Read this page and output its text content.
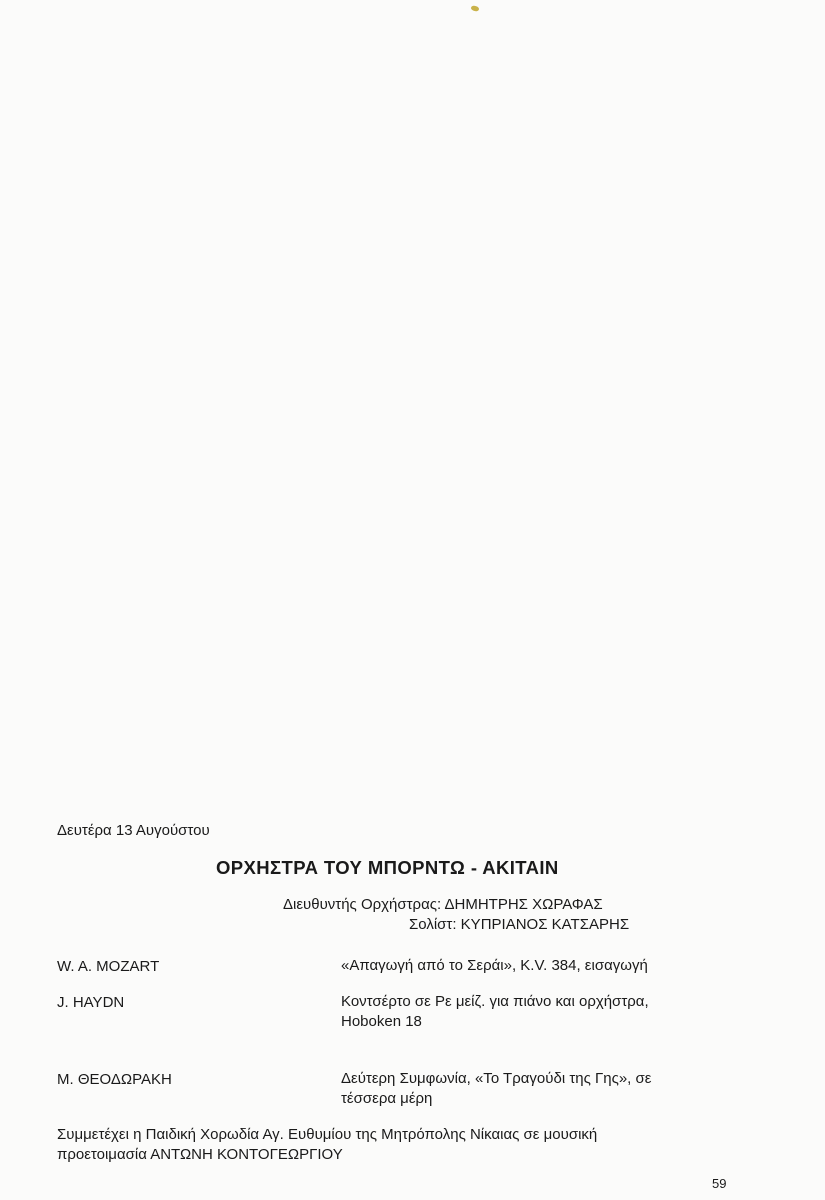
Δευτέρα 13 Αυγούστου
ΟΡΧΗΣΤΡΑ ΤΟΥ ΜΠΟΡΝΤΩ - ΑΚΙΤΑΙΝ
Διευθυντής Ορχήστρας: ΔΗΜΗΤΡΗΣ ΧΩΡΑΦΑΣ
Σολίστ: ΚΥΠΡΙΑΝΟΣ ΚΑΤΣΑΡΗΣ
W. A. MOZART	«Απαγωγή από το Σεράι», K.V. 384, εισαγωγή
J. HAYDN	Κοντσέρτο σε Ρε μείζ. για πιάνο και ορχήστρα,
Hoboken 18
Μ. ΘΕΟΔΩΡΑΚΗ	Δεύτερη Συμφωνία, «Το Τραγούδι της Γης», σε
τέσσερα μέρη
Συμμετέχει η Παιδική Χορωδία Αγ. Ευθυμίου της Μητρόπολης Νίκαιας σε μουσική
προετοιμασία ΑΝΤΩΝΗ ΚΟΝΤΟΓΕΩΡΓΙΟΥ
59
